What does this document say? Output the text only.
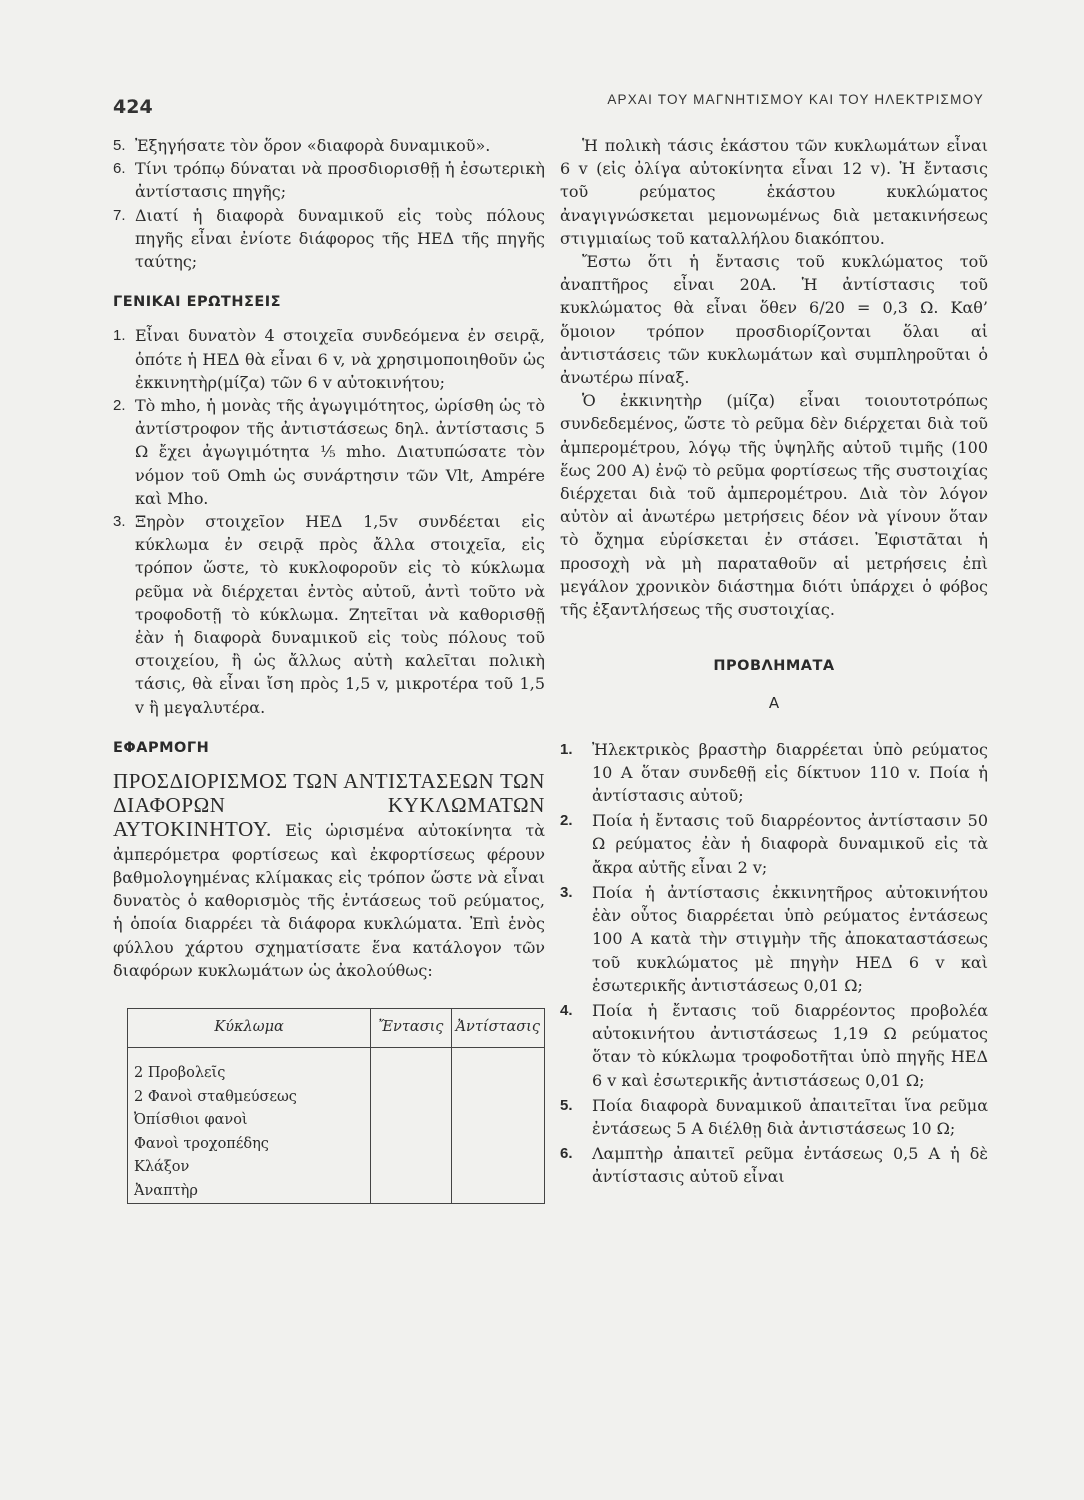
424	ΑΡΧΑΙ ΤΟΥ ΜΑΓΝΗΤΙΣΜΟΥ ΚΑΙ ΤΟΥ ΗΛΕΚΤΡΙΣΜΟΥ
5. Ἐξηγήσατε τὸν ὅρον «διαφορὰ δυναμικοῦ».
6. Τίνι τρόπῳ δύναται νὰ προσδιορισθῇ ἡ ἐσωτερικὴ ἀντίστασις πηγῆς;
7. Διατί ἡ διαφορὰ δυναμικοῦ εἰς τοὺς πόλους πηγῆς εἶναι ἐνίοτε διάφορος τῆς ΗΕΔ τῆς πηγῆς ταύτης;
ΓΕΝΙΚΑΙ ΕΡΩΤΗΣΕΙΣ
1. Εἶναι δυνατὸν 4 στοιχεῖα συνδεόμενα ἐν σειρᾷ, ὁπότε ἡ ΗΕΔ θὰ εἶναι 6 v, νὰ χρησιμοποιηθοῦν ὡς ἐκκινητὴρ(μίζα) τῶν 6 v αὐτοκινήτου;
2. Τὸ mho, ἡ μονὰς τῆς ἀγωγιμότητος, ὡρίσθη ὡς τὸ ἀντίστροφον τῆς ἀντιστάσεως δηλ. ἀντίστασις 5 Ω ἔχει ἀγωγιμότητα ⅕ mho. Διατυπώσατε τὸν νόμον τοῦ Omh ὡς συνάρτησιν τῶν Vlt, Ampére καὶ Mho.
3. Ξηρὸν στοιχεῖον ΗΕΔ 1,5v συνδέεται εἰς κύκλωμα ἐν σειρᾷ πρὸς ἄλλα στοιχεῖα, εἰς τρόπον ὥστε, τὸ κυκλοφοροῦν εἰς τὸ κύκλωμα ρεῦμα νὰ διέρχεται ἐντὸς αὐτοῦ, ἀντὶ τοῦτο νὰ τροφοδοτῇ τὸ κύκλωμα. Ζητεῖται νὰ καθορισθῇ ἐὰν ἡ διαφορὰ δυναμικοῦ εἰς τοὺς πόλους τοῦ στοιχείου, ἢ ὡς ἄλλως αὐτὴ καλεῖται πολικὴ τάσις, θὰ εἶναι ἴση πρὸς 1,5 v, μικροτέρα τοῦ 1,5 v ἢ μεγαλυτέρα.
ΕΦΑΡΜΟΓΗ

ΠΡΟΣΔΙΟΡΙΣΜΟΣ ΤΩΝ ΑΝΤΙΣΤΑΣΕΩΝ ΤΩΝ ΔΙΑΦΟΡΩΝ ΚΥΚΛΩΜΑΤΩΝ ΑΥΤΟΚΙΝΗΤΟΥ. Εἰς ὡρισμένα αὐτοκίνητα τὰ ἀμπερόμετρα φορτίσεως καὶ ἐκφορτίσεως φέρουν βαθμολογημένας κλίμακας εἰς τρόπον ὥστε νὰ εἶναι δυνατὸς ὁ καθορισμὸς τῆς ἐντάσεως τοῦ ρεύματος, ἡ ὁποία διαρρέει τὰ διάφορα κυκλώματα. Ἐπὶ ἑνὸς φύλλου χάρτου σχηματίσατε ἕνα κατάλογον τῶν διαφόρων κυκλωμάτων ὡς ἀκολούθως:

Κύκλωμα	Ἔντασις	Ἀντίστασις

2 Προβολεῖς		
2 Φανοὶ σταθμεύσεως		
Ὀπίσθιοι φανοὶ		
Φανοὶ τροχοπέδης		
Κλάξον		
Ἀναπτὴρ		

Ἡ πολικὴ τάσις ἑκάστου τῶν κυκλωμάτων εἶναι 6 v (εἰς ὀλίγα αὐτοκίνητα εἶναι 12 v). Ἡ ἔντασις τοῦ ρεύματος ἑκάστου κυκλώματος ἀναγιγνώσκεται μεμονωμένως διὰ μετακινήσεως στιγμιαίως τοῦ καταλλήλου διακόπτου.

Ἔστω ὅτι ἡ ἔντασις τοῦ κυκλώματος τοῦ ἀναπτῆρος εἶναι 20Α. Ἡ ἀντίστασις τοῦ κυκλώματος θὰ εἶναι ὅθεν 6/20 = 0,3 Ω. Καθ’ ὅμοιον τρόπον προσδιορίζονται ὅλαι αἱ ἀντιστάσεις τῶν κυκλωμάτων καὶ συμπληροῦται ὁ ἀνωτέρω πίναξ.

Ὁ ἐκκινητὴρ (μίζα) εἶναι τοιουτοτρόπως συνδεδεμένος, ὥστε τὸ ρεῦμα δὲν διέρχεται διὰ τοῦ ἀμπερομέτρου, λόγῳ τῆς ὑψηλῆς αὐτοῦ τιμῆς (100 ἕως 200 Α) ἐνῷ τὸ ρεῦμα φορτίσεως τῆς συστοιχίας διέρχεται διὰ τοῦ ἀμπερομέτρου. Διὰ τὸν λόγον αὐτὸν αἱ ἀνωτέρω μετρήσεις δέον νὰ γίνουν ὅταν τὸ ὄχημα εὑρίσκεται ἐν στάσει. Ἐφιστᾶται ἡ προσοχὴ νὰ μὴ παραταθοῦν αἱ μετρήσεις ἐπὶ μεγάλον χρονικὸν διάστημα διότι ὑπάρχει ὁ φόβος τῆς ἐξαντλήσεως τῆς συστοιχίας.

ΠΡΟΒΛΗΜΑΤΑ
Α
1.	Ἠλεκτρικὸς βραστὴρ διαρρέεται ὑπὸ ρεύματος 10 Α ὅταν συνδεθῇ εἰς δίκτυον 110 v. Ποία ἡ ἀντίστασις αὐτοῦ;
2.	Ποία ἡ ἔντασις τοῦ διαρρέοντος ἀντίστασιν 50 Ω ρεύματος ἐὰν ἡ διαφορὰ δυναμικοῦ εἰς τὰ ἄκρα αὐτῆς εἶναι 2 v;
3.	Ποία ἡ ἀντίστασις ἐκκινητῆρος αὐτοκινήτου ἐὰν οὗτος διαρρέεται ὑπὸ ρεύματος ἐντάσεως 100 Α κατὰ τὴν στιγμὴν τῆς ἀποκαταστάσεως τοῦ κυκλώματος μὲ πηγὴν ΗΕΔ 6 v καὶ ἐσωτερικῆς ἀντιστάσεως 0,01 Ω;
4.	Ποία ἡ ἔντασις τοῦ διαρρέοντος προβολέα αὐτοκινήτου ἀντιστάσεως 1,19 Ω ρεύματος ὅταν τὸ κύκλωμα τροφοδοτῆται ὑπὸ πηγῆς ΗΕΔ 6 v καὶ ἐσωτερικῆς ἀντιστάσεως 0,01 Ω;
5.	Ποία διαφορὰ δυναμικοῦ ἀπαιτεῖται ἵνα ρεῦμα ἐντάσεως 5 Α διέλθῃ διὰ ἀντιστάσεως 10 Ω;
6.	Λαμπτὴρ ἀπαιτεῖ ρεῦμα ἐντάσεως 0,5 Α ἡ δὲ ἀντίστασις αὐτοῦ εἶναι
